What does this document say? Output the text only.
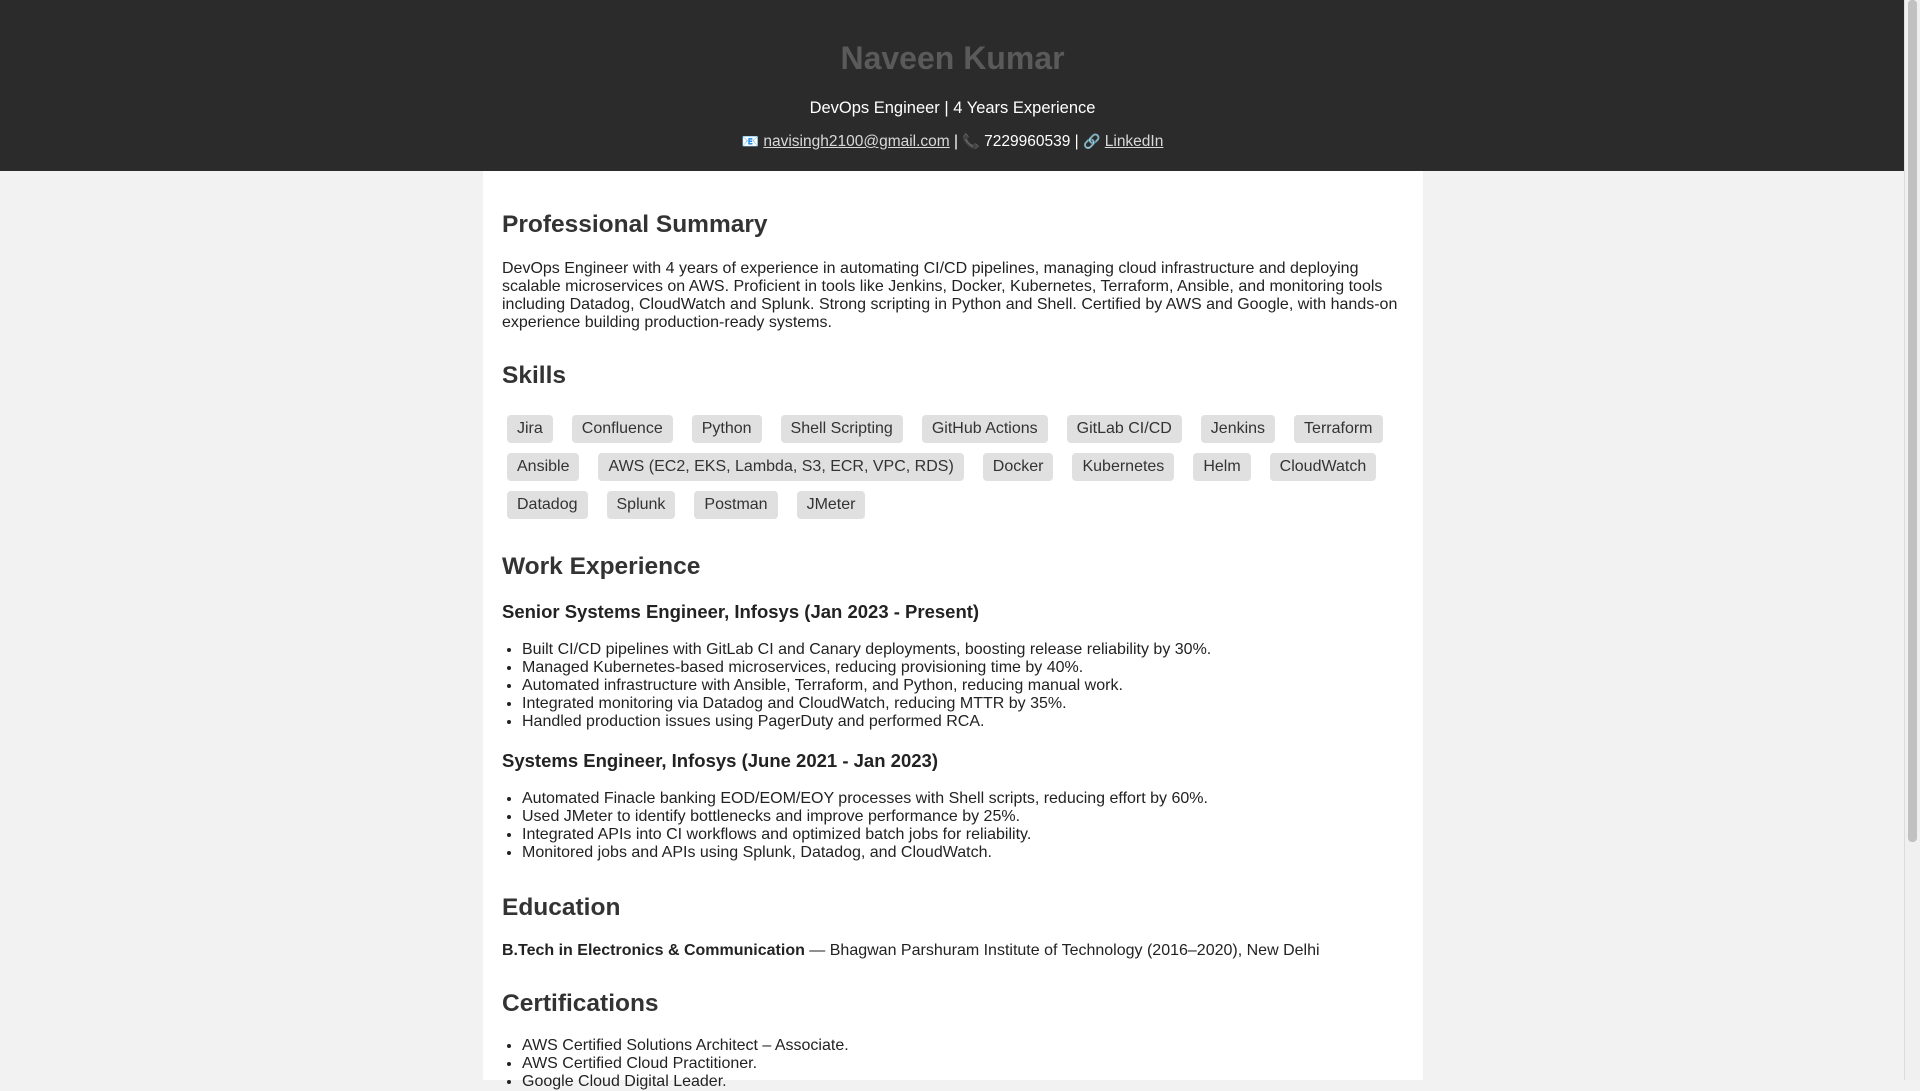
Naveen Kumar
DevOps Engineer | 4 Years Experience
📧 navisingh2100@gmail.com | 📞 7229960539 | 🔗 LinkedIn
Professional Summary

DevOps Engineer with 4 years of experience in automating CI/CD pipelines, managing cloud infrastructure and deploying scalable microservices on AWS. Proficient in tools like Jenkins, Docker, Kubernetes, Terraform, Ansible, and monitoring tools including Datadog, CloudWatch and Splunk. Strong scripting in Python and Shell. Certified by AWS and Google, with hands-on experience building production-ready systems.

Skills
Jira Confluence Python Shell Scripting GitHub Actions GitLab CI/CD Jenkins Terraform
Ansible AWS (EC2, EKS, Lambda, S3, ECR, VPC, RDS) Docker Kubernetes Helm CloudWatch
Datadog Splunk Postman JMeter
Work Experience
Senior Systems Engineer, Infosys (Jan 2023 - Present)
• Built CI/CD pipelines with GitLab CI and Canary deployments, boosting release reliability by 30%.
• Managed Kubernetes-based microservices, reducing provisioning time by 40%.
• Automated infrastructure with Ansible, Terraform, and Python, reducing manual work.
• Integrated monitoring via Datadog and CloudWatch, reducing MTTR by 35%.
• Handled production issues using PagerDuty and performed RCA.
Systems Engineer, Infosys (June 2021 - Jan 2023)
• Automated Finacle banking EOD/EOM/EOY processes with Shell scripts, reducing effort by 60%.
• Used JMeter to identify bottlenecks and improve performance by 25%.
• Integrated APIs into CI workflows and optimized batch jobs for reliability.
• Monitored jobs and APIs using Splunk, Datadog, and CloudWatch.
Education

B.Tech in Electronics & Communication — Bhagwan Parshuram Institute of Technology (2016–2020), New Delhi

Certifications
• AWS Certified Solutions Architect – Associate.
• AWS Certified Cloud Practitioner.
• Google Cloud Digital Leader.
